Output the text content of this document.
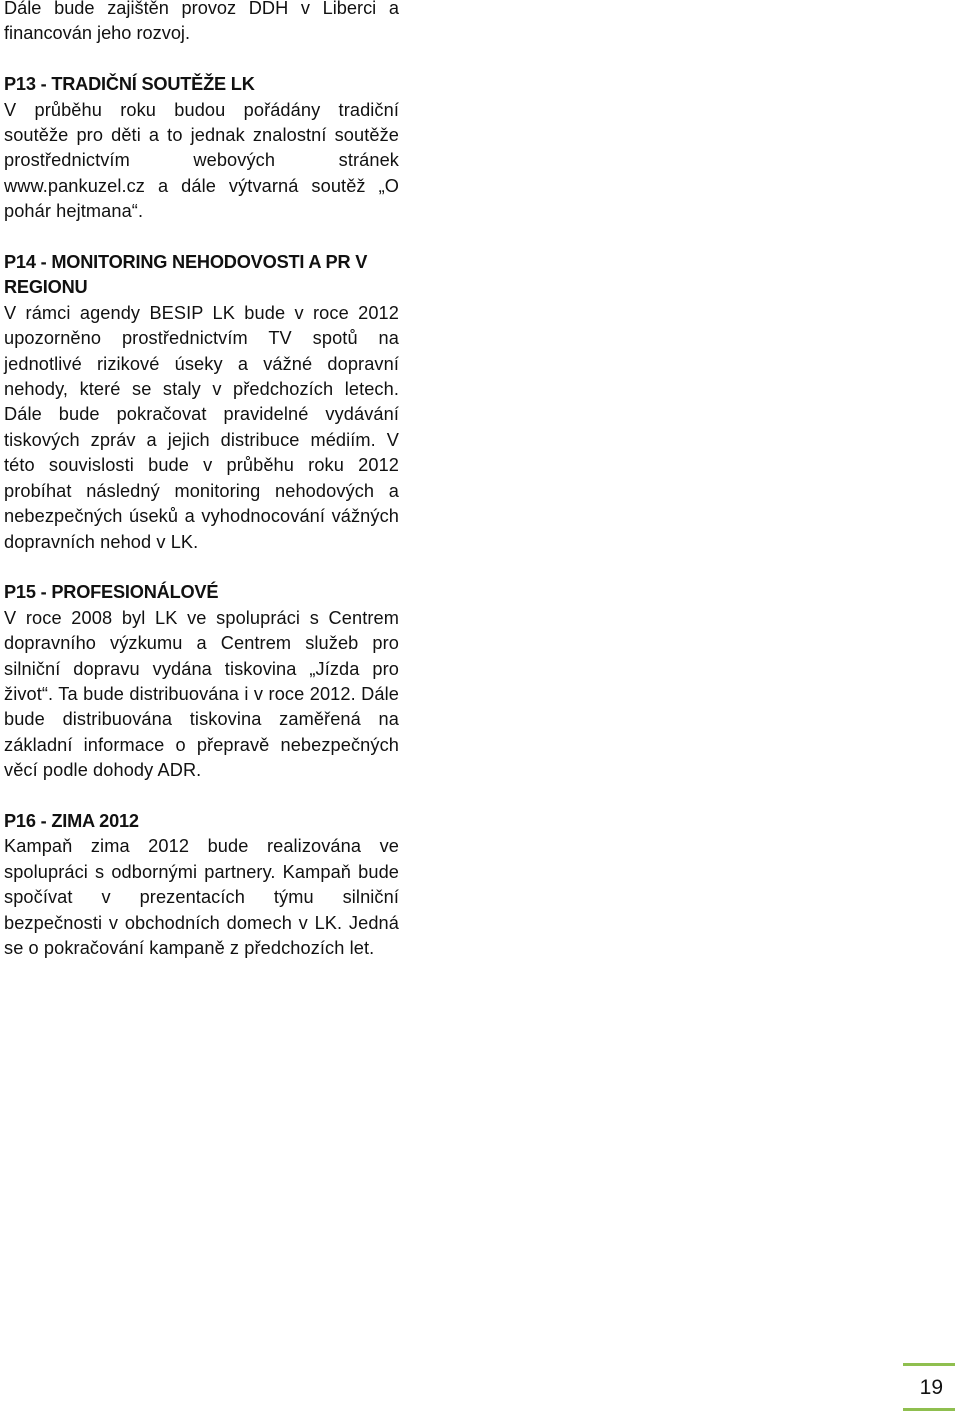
Dále bude zajištěn provoz DDH v Liberci a financován jeho rozvoj.

P13 - TRADIČNÍ SOUTĚŽE LK

V průběhu roku budou pořádány tradiční soutěže pro děti a to jednak znalostní soutěže prostřednictvím webových stránek www.pankuzel.cz a dále výtvarná soutěž „O pohár hejtmana“.

P14 - MONITORING NEHODOVOSTI A PR V REGIONU

V rámci agendy BESIP LK bude v roce 2012 upozorněno prostřednictvím TV spotů na jednotlivé rizikové úseky a vážné dopravní nehody, které se staly v předchozích letech. Dále bude pokračovat pravidelné vydávání tiskových zpráv a jejich distribuce médiím. V této souvislosti bude v průběhu roku 2012 probíhat následný monitoring nehodových a nebezpečných úseků a vyhodnocování vážných dopravních nehod v LK.

P15 - PROFESIONÁLOVÉ

V roce 2008 byl LK ve spolupráci s Centrem dopravního výzkumu a Centrem služeb pro silniční dopravu vydána tiskovina „Jízda pro život“. Ta bude distribuována i v roce 2012. Dále bude distribuována tiskovina zaměřená na základní informace o přepravě nebezpečných věcí podle dohody ADR.

P16 - ZIMA 2012

Kampaň zima 2012 bude realizována ve spolupráci s odbornými partnery. Kampaň bude spočívat v prezentacích týmu silniční bezpečnosti v obchodních domech v LK. Jedná se o pokračování kampaně z předchozích let.

19
